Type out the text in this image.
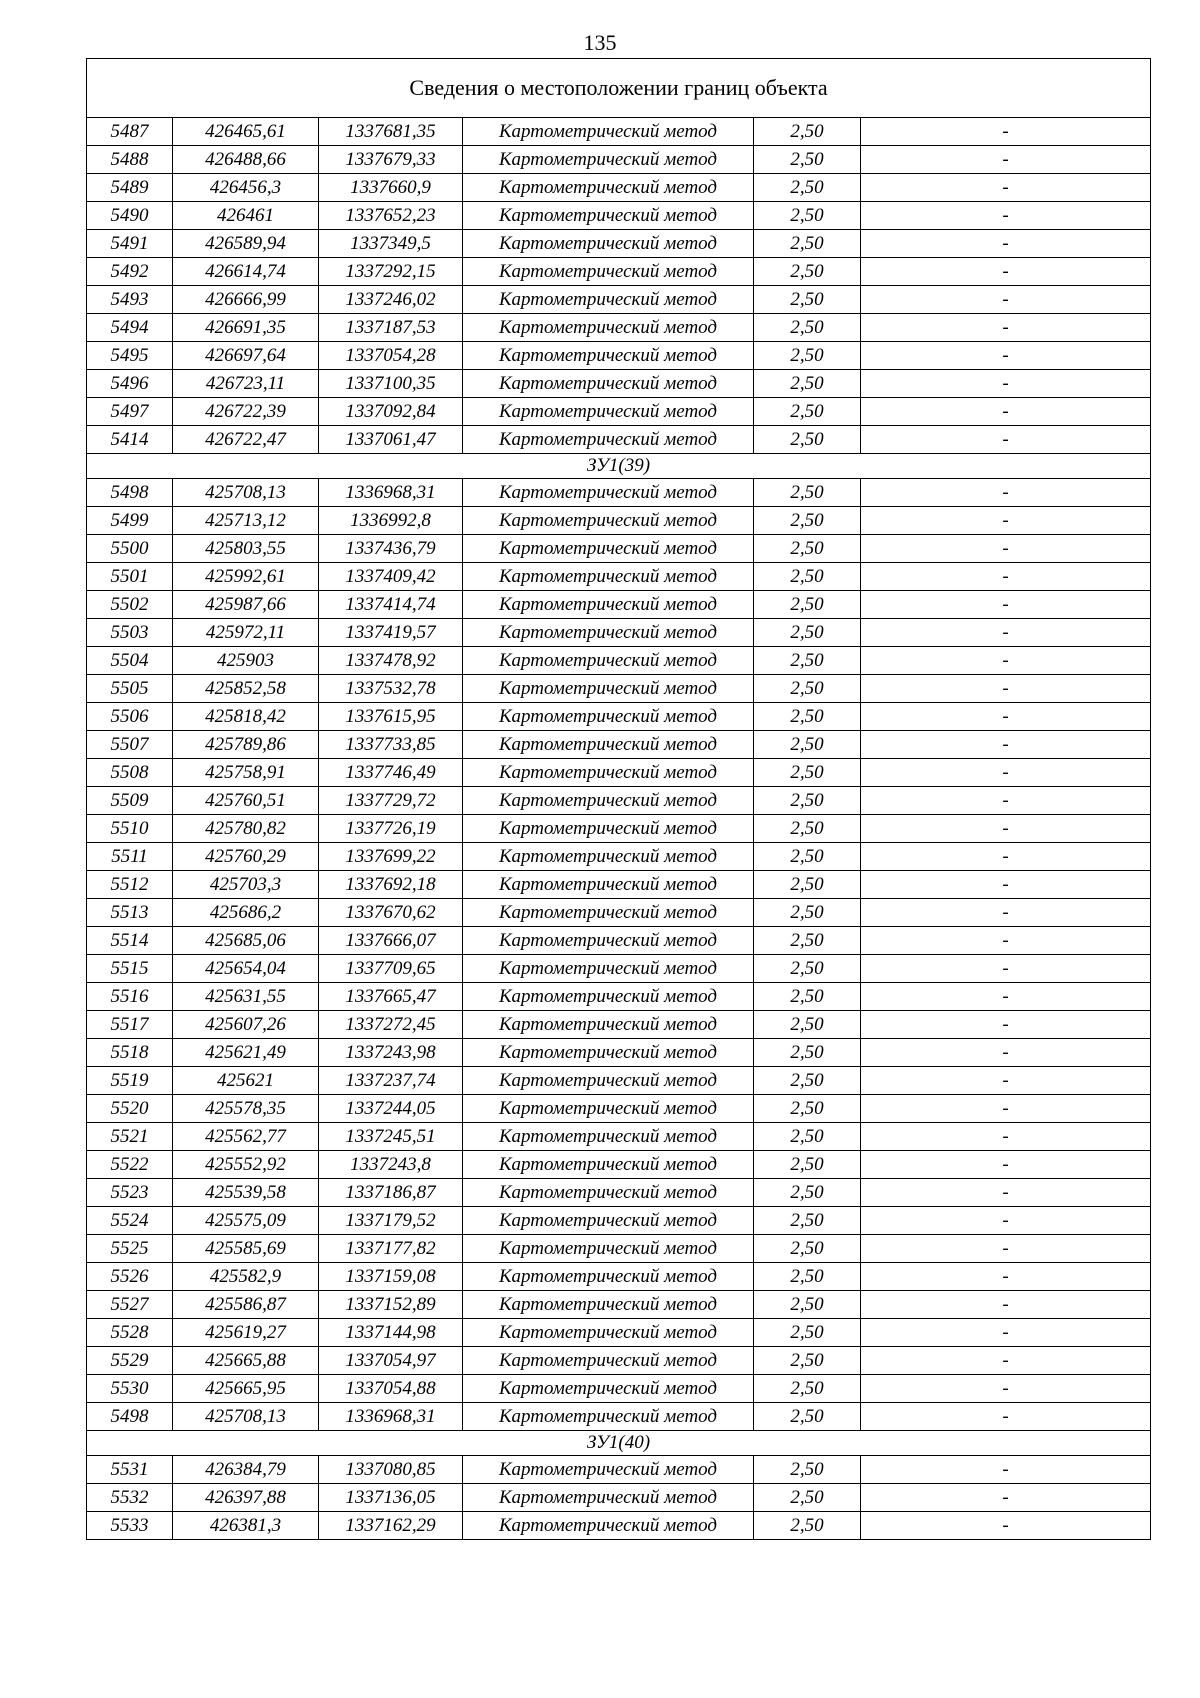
135
Сведения о местоположении границ объекта					
5487	426465,61	1337681,35	Картометрический метод	2,50	-
5488	426488,66	1337679,33	Картометрический метод	2,50	-
5489	426456,3	1337660,9	Картометрический метод	2,50	-
5490	426461	1337652,23	Картометрический метод	2,50	-
5491	426589,94	1337349,5	Картометрический метод	2,50	-
5492	426614,74	1337292,15	Картометрический метод	2,50	-
5493	426666,99	1337246,02	Картометрический метод	2,50	-
5494	426691,35	1337187,53	Картометрический метод	2,50	-
5495	426697,64	1337054,28	Картометрический метод	2,50	-
5496	426723,11	1337100,35	Картометрический метод	2,50	-
5497	426722,39	1337092,84	Картометрический метод	2,50	-
5414	426722,47	1337061,47	Картометрический метод	2,50	-
ЗУ1(39)					
5498	425708,13	1336968,31	Картометрический метод	2,50	-
5499	425713,12	1336992,8	Картометрический метод	2,50	-
5500	425803,55	1337436,79	Картометрический метод	2,50	-
5501	425992,61	1337409,42	Картометрический метод	2,50	-
5502	425987,66	1337414,74	Картометрический метод	2,50	-
5503	425972,11	1337419,57	Картометрический метод	2,50	-
5504	425903	1337478,92	Картометрический метод	2,50	-
5505	425852,58	1337532,78	Картометрический метод	2,50	-
5506	425818,42	1337615,95	Картометрический метод	2,50	-
5507	425789,86	1337733,85	Картометрический метод	2,50	-
5508	425758,91	1337746,49	Картометрический метод	2,50	-
5509	425760,51	1337729,72	Картометрический метод	2,50	-
5510	425780,82	1337726,19	Картометрический метод	2,50	-
5511	425760,29	1337699,22	Картометрический метод	2,50	-
5512	425703,3	1337692,18	Картометрический метод	2,50	-
5513	425686,2	1337670,62	Картометрический метод	2,50	-
5514	425685,06	1337666,07	Картометрический метод	2,50	-
5515	425654,04	1337709,65	Картометрический метод	2,50	-
5516	425631,55	1337665,47	Картометрический метод	2,50	-
5517	425607,26	1337272,45	Картометрический метод	2,50	-
5518	425621,49	1337243,98	Картометрический метод	2,50	-
5519	425621	1337237,74	Картометрический метод	2,50	-
5520	425578,35	1337244,05	Картометрический метод	2,50	-
5521	425562,77	1337245,51	Картометрический метод	2,50	-
5522	425552,92	1337243,8	Картометрический метод	2,50	-
5523	425539,58	1337186,87	Картометрический метод	2,50	-
5524	425575,09	1337179,52	Картометрический метод	2,50	-
5525	425585,69	1337177,82	Картометрический метод	2,50	-
5526	425582,9	1337159,08	Картометрический метод	2,50	-
5527	425586,87	1337152,89	Картометрический метод	2,50	-
5528	425619,27	1337144,98	Картометрический метод	2,50	-
5529	425665,88	1337054,97	Картометрический метод	2,50	-
5530	425665,95	1337054,88	Картометрический метод	2,50	-
5498	425708,13	1336968,31	Картометрический метод	2,50	-
ЗУ1(40)					
5531	426384,79	1337080,85	Картометрический метод	2,50	-
5532	426397,88	1337136,05	Картометрический метод	2,50	-
5533	426381,3	1337162,29	Картометрический метод	2,50	-
